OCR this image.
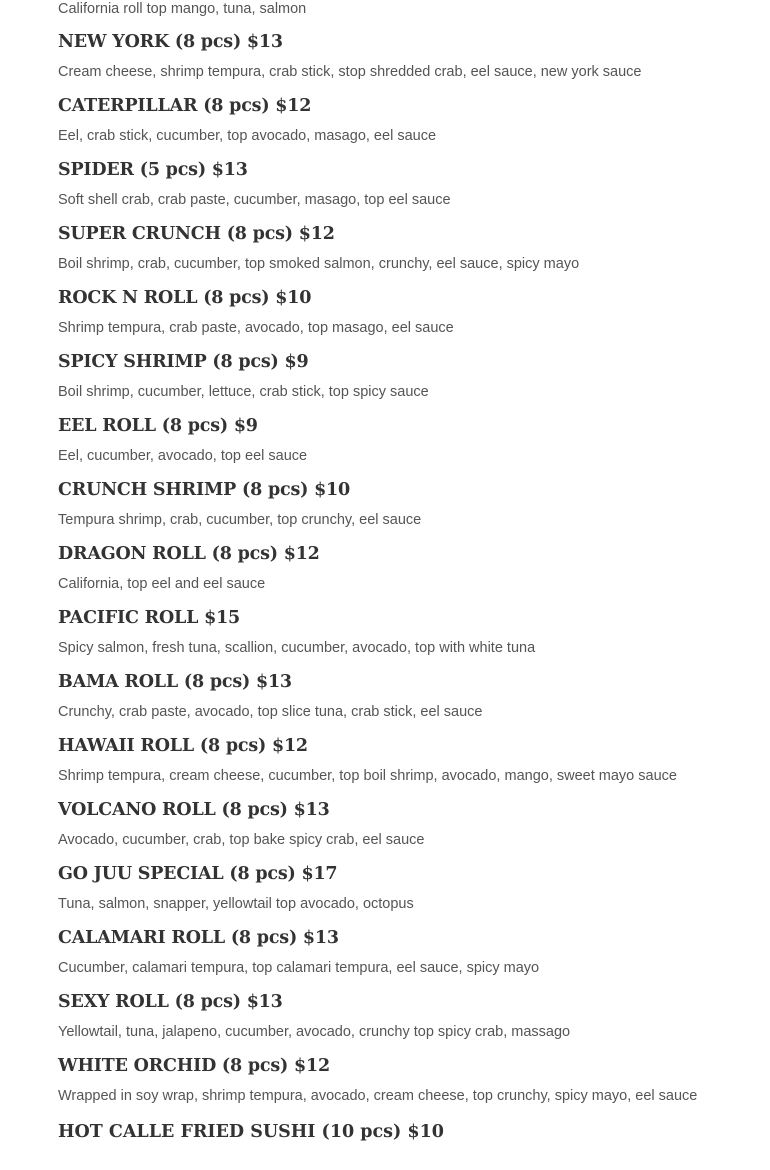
California roll top mango, tuna, salmon

NEW YORK (8 pcs) $13
Cream cheese, shrimp tempura, crab stick, stop shredded crab, eel sauce, new york sauce
CATERPILLAR (8 pcs) $12
Eel, crab stick, cucumber, top avocado, masago, eel sauce
SPIDER (5 pcs) $13
Soft shell crab, crab paste, cucumber, masago, top eel sauce
SUPER CRUNCH (8 pcs) $12
Boil shrimp, crab, cucumber, top smoked salmon, crunchy, eel sauce, spicy mayo
ROCK N ROLL (8 pcs) $10
Shrimp tempura, crab paste, avocado, top masago, eel sauce
SPICY SHRIMP (8 pcs) $9
Boil shrimp, cucumber, lettuce, crab stick, top spicy sauce
EEL ROLL (8 pcs) $9
Eel, cucumber, avocado, top eel sauce
CRUNCH SHRIMP (8 pcs) $10
Tempura shrimp, crab, cucumber, top crunchy, eel sauce
DRAGON ROLL (8 pcs) $12
California, top eel and eel sauce
PACIFIC ROLL $15
Spicy salmon, fresh tuna, scallion, cucumber, avocado, top with white tuna
BAMA ROLL (8 pcs) $13
Crunchy, crab paste, avocado, top slice tuna, crab stick, eel sauce
HAWAII ROLL (8 pcs) $12
Shrimp tempura, cream cheese, cucumber, top boil shrimp, avocado, mango, sweet mayo sauce
VOLCANO ROLL (8 pcs) $13
Avocado, cucumber, crab, top bake spicy crab, eel sauce
GO JUU SPECIAL (8 pcs) $17
Tuna, salmon, snapper, yellowtail top avocado, octopus
CALAMARI ROLL (8 pcs) $13
Cucumber, calamari tempura, top calamari tempura, eel sauce, spicy mayo
SEXY ROLL (8 pcs) $13
Yellowtail, tuna, jalapeno, cucumber, avocado, crunchy top spicy crab, massago
WHITE ORCHID (8 pcs) $12
Wrapped in soy wrap, shrimp tempura, avocado, cream cheese, top crunchy, spicy mayo, eel sauce
HOT CALLE FRIED SUSHI (10 pcs) $10
